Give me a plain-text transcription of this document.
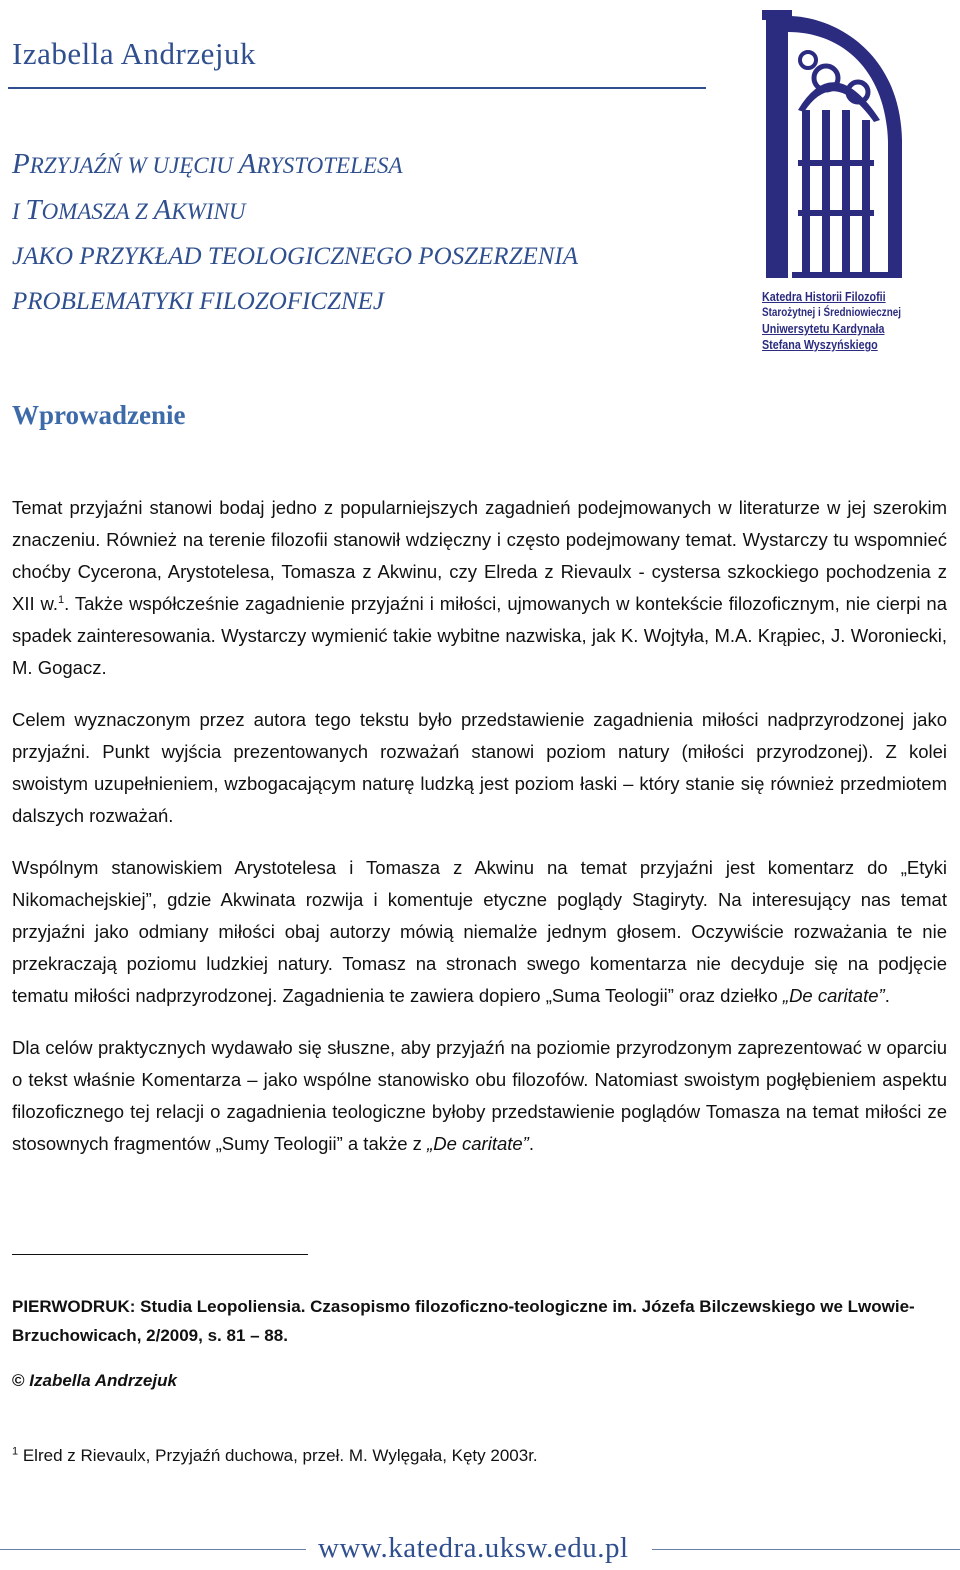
Izabella Andrzejuk
Katedra Historii Filozofii
Starożytnej i Średniowiecznej
Uniwersytetu Kardynała
Stefana Wyszyńskiego
PRZYJAŹŃ W UJĘCIU ARYSTOTELESA
I TOMASZA Z AKWINU
JAKO PRZYKŁAD TEOLOGICZNEGO POSZERZENIA
PROBLEMATYKI FILOZOFICZNEJ
Wprowadzenie

Temat przyjaźni stanowi bodaj jedno z popularniejszych zagadnień podejmowanych w literaturze w jej szerokim znaczeniu. Również na terenie filozofii stanowił wdzięczny i często podejmowany temat. Wystarczy tu wspomnieć choćby Cycerona, Arystotelesa, Tomasza z Akwinu, czy Elreda z Rievaulx - cystersa szkockiego pochodzenia z XII w.$^1$. Także współcześnie zagadnienie przyjaźni i miłości, ujmowanych w kontekście filozoficznym, nie cierpi na spadek zainteresowania. Wystarczy wymienić takie wybitne nazwiska, jak K. Wojtyła, M.A. Krąpiec, J. Woroniecki, M. Gogacz.

Celem wyznaczonym przez autora tego tekstu było przedstawienie zagadnienia miłości nadprzyrodzonej jako przyjaźni. Punkt wyjścia prezentowanych rozważań stanowi poziom natury (miłości przyrodzonej). Z kolei swoistym uzupełnieniem, wzbogacającym naturę ludzką jest poziom łaski – który stanie się również przedmiotem dalszych rozważań.

Wspólnym stanowiskiem Arystotelesa i Tomasza z Akwinu na temat przyjaźni jest komentarz do „Etyki Nikomachejskiej”, gdzie Akwinata rozwija i komentuje etyczne poglądy Stagiryty. Na interesujący nas temat przyjaźni jako odmiany miłości obaj autorzy mówią niemalże jednym głosem. Oczywiście rozważania te nie przekraczają poziomu ludzkiej natury. Tomasz na stronach swego komentarza nie decyduje się na podjęcie tematu miłości nadprzyrodzonej. Zagadnienia te zawiera dopiero „Suma Teologii” oraz dziełko „De caritate”.

Dla celów praktycznych wydawało się słuszne, aby przyjaźń na poziomie przyrodzonym zaprezentować w oparciu o tekst właśnie Komentarza – jako wspólne stanowisko obu filozofów. Natomiast swoistym pogłębieniem aspektu filozoficznego tej relacji o zagadnienia teologiczne byłoby przedstawienie poglądów Tomasza na temat miłości ze stosownych fragmentów „Sumy Teologii” a także z „De caritate”.

PIERWODRUK: Studia Leopoliensia. Czasopismo filozoficzno-teologiczne im. Józefa Bilczewskiego we Lwowie-Brzuchowicach, 2/2009, s. 81 – 88.
© Izabella Andrzejuk
$^1$ Elred z Rievaulx, Przyjaźń duchowa, przeł. M. Wylęgała, Kęty 2003r.
www.katedra.uksw.edu.pl
